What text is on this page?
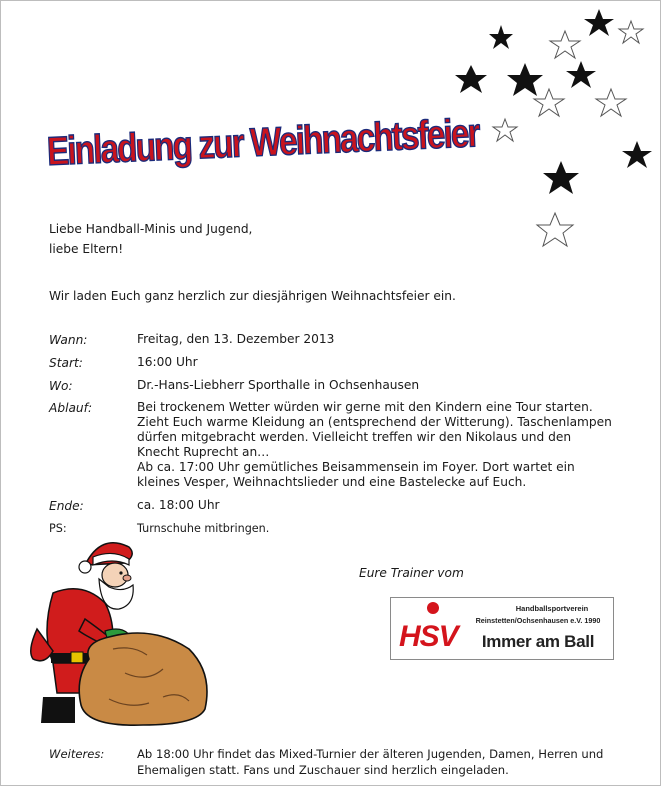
Einladung zur Weihnachtsfeier

Liebe Handball-Minis und Jugend,
liebe Eltern!

Wir laden Euch ganz herzlich zur diesjährigen Weihnachtsfeier ein.

Wann:	Freitag, den 13. Dezember 2013
Start:	16:00 Uhr
Wo:	Dr.-Hans-Liebherr Sporthalle in Ochsenhausen
Ablauf:	Bei trockenem Wetter würden wir gerne mit den Kindern eine Tour starten.
Zieht Euch warme Kleidung an (entsprechend der Witterung). Taschenlampen
dürfen mitgebracht werden. Vielleicht treffen wir den Nikolaus und den
Knecht Ruprecht an…
Ab ca. 17:00 Uhr gemütliches Beisammensein im Foyer. Dort wartet ein
kleines Vesper, Weihnachtslieder und eine Bastelecke auf Euch.
Ende:	ca. 18:00 Uhr
PS:	Turnschuhe mitbringen.
Eure Trainer vom
HSV
Handballsportverein
Reinstetten/Ochsenhausen e.V. 1990
Immer am Ball
Weiteres:	Ab 18:00 Uhr findet das Mixed-Turnier der älteren Jugenden, Damen, Herren und
Ehemaligen statt. Fans und Zuschauer sind herzlich eingeladen.
